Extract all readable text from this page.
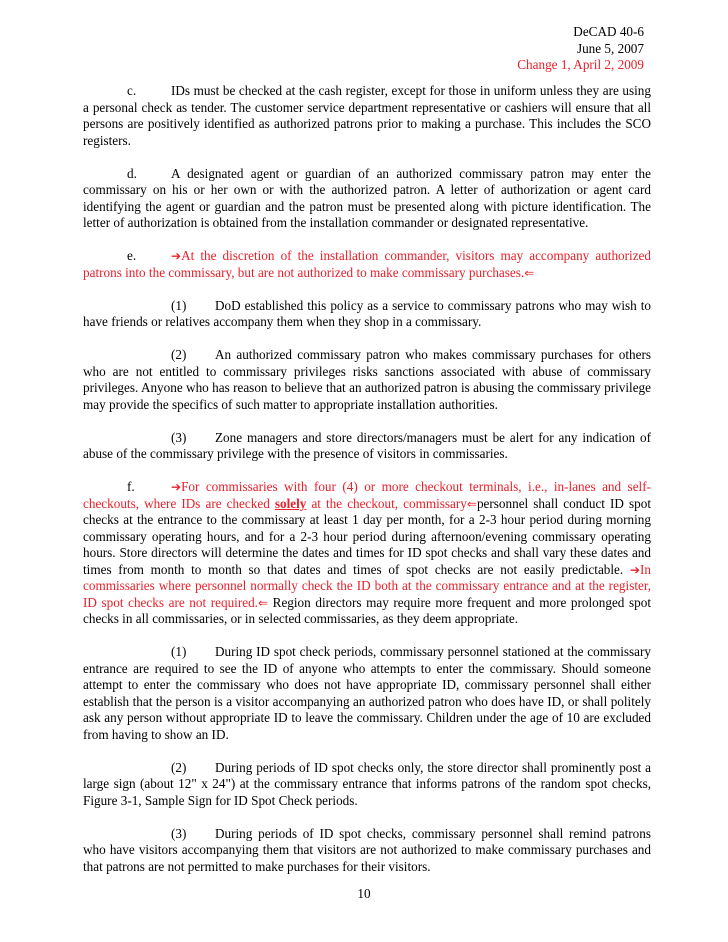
DeCAD 40-6
June 5, 2007
Change 1, April 2, 2009

c.	IDs must be checked at the cash register, except for those in uniform unless they are using a personal check as tender. The customer service department representative or cashiers will ensure that all persons are positively identified as authorized patrons prior to making a purchase. This includes the SCO registers.

d.	A designated agent or guardian of an authorized commissary patron may enter the commissary on his or her own or with the authorized patron. A letter of authorization or agent card identifying the agent or guardian and the patron must be presented along with picture identification. The letter of authorization is obtained from the installation commander or designated representative.

e.	➔At the discretion of the installation commander, visitors may accompany authorized patrons into the commissary, but are not authorized to make commissary purchases.⇐

(1) DoD established this policy as a service to commissary patrons who may wish to have friends or relatives accompany them when they shop in a commissary.

(2) An authorized commissary patron who makes commissary purchases for others who are not entitled to commissary privileges risks sanctions associated with abuse of commissary privileges. Anyone who has reason to believe that an authorized patron is abusing the commissary privilege may provide the specifics of such matter to appropriate installation authorities.

(3) Zone managers and store directors/managers must be alert for any indication of abuse of the commissary privilege with the presence of visitors in commissaries.

f.	➔For commissaries with four (4) or more checkout terminals, i.e., in-lanes and self-checkouts, where IDs are checked solely at the checkout, commissary⇐personnel shall conduct ID spot checks at the entrance to the commissary at least 1 day per month, for a 2-3 hour period during morning commissary operating hours, and for a 2-3 hour period during afternoon/evening commissary operating hours. Store directors will determine the dates and times for ID spot checks and shall vary these dates and times from month to month so that dates and times of spot checks are not easily predictable. ➔In commissaries where personnel normally check the ID both at the commissary entrance and at the register, ID spot checks are not required.⇐ Region directors may require more frequent and more prolonged spot checks in all commissaries, or in selected commissaries, as they deem appropriate.

(1) During ID spot check periods, commissary personnel stationed at the commissary entrance are required to see the ID of anyone who attempts to enter the commissary. Should someone attempt to enter the commissary who does not have appropriate ID, commissary personnel shall either establish that the person is a visitor accompanying an authorized patron who does have ID, or shall politely ask any person without appropriate ID to leave the commissary. Children under the age of 10 are excluded from having to show an ID.

(2) During periods of ID spot checks only, the store director shall prominently post a large sign (about 12" x 24") at the commissary entrance that informs patrons of the random spot checks, Figure 3-1, Sample Sign for ID Spot Check periods.

(3) During periods of ID spot checks, commissary personnel shall remind patrons who have visitors accompanying them that visitors are not authorized to make commissary purchases and that patrons are not permitted to make purchases for their visitors.

10
